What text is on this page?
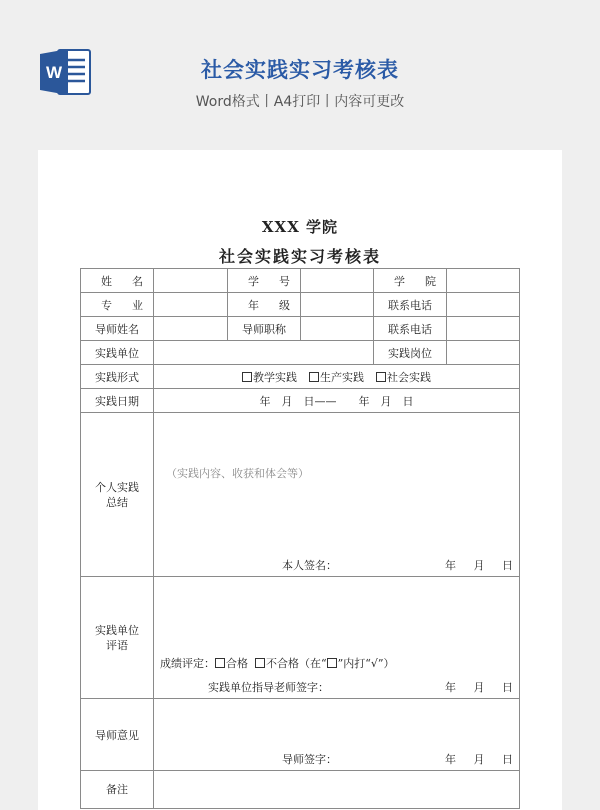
W	社会实践实习考核表
Word格式丨A4打印丨内容可更改
XXX 学院
社会实践实习考核表
姓名		学号		学院	
专业		年级		联系电话	
导师姓名		导师职称		联系电话	
实践单位				实践岗位	
实践形式	教学实践 生产实践 社会实践				
实践日期	年　月　日——　　年　月　日				
个人实践
总结	（实践内容、收获和体会等）
本人签名： 年 月 日				

实践单位
评语	成绩评定： 合格 不合格（在“ ”内打“√”）
实践单位指导老师签字： 年 月 日				

导师意见	导师签字： 年 月 日				

备注					
